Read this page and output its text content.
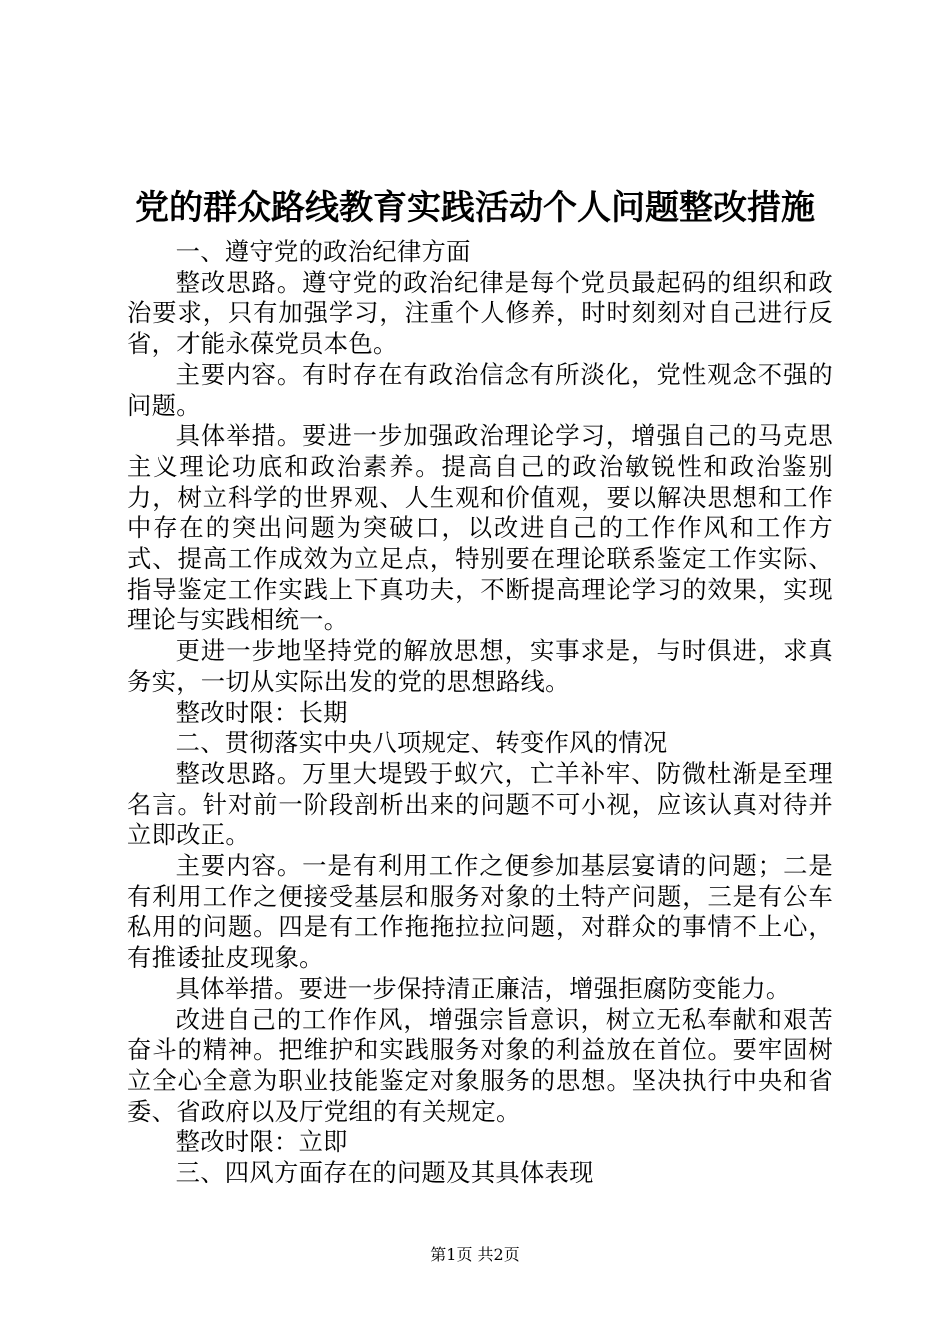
党的群众路线教育实践活动个人问题整改措施

一、遵守党的政治纪律方面

整改思路。遵守党的政治纪律是每个党员最起码的组织和政治要求，只有加强学习，注重个人修养，时时刻刻对自己进行反省，才能永葆党员本色。

主要内容。有时存在有政治信念有所淡化，党性观念不强的问题。

具体举措。要进一步加强政治理论学习，增强自己的马克思主义理论功底和政治素养。提高自己的政治敏锐性和政治鉴别力，树立科学的世界观、人生观和价值观，要以解决思想和工作中存在的突出问题为突破口，以改进自己的工作作风和工作方式、提高工作成效为立足点，特别要在理论联系鉴定工作实际、指导鉴定工作实践上下真功夫，不断提高理论学习的效果，实现理论与实践相统一。

更进一步地坚持党的解放思想，实事求是，与时俱进，求真务实，一切从实际出发的党的思想路线。

整改时限：长期

二、贯彻落实中央八项规定、转变作风的情况

整改思路。万里大堤毁于蚁穴，亡羊补牢、防微杜渐是至理名言。针对前一阶段剖析出来的问题不可小视，应该认真对待并立即改正。

主要内容。一是有利用工作之便参加基层宴请的问题；二是有利用工作之便接受基层和服务对象的土特产问题，三是有公车私用的问题。四是有工作拖拖拉拉问题，对群众的事情不上心，有推诿扯皮现象。

具体举措。要进一步保持清正廉洁，增强拒腐防变能力。

改进自己的工作作风，增强宗旨意识，树立无私奉献和艰苦奋斗的精神。把维护和实践服务对象的利益放在首位。要牢固树立全心全意为职业技能鉴定对象服务的思想。坚决执行中央和省委、省政府以及厅党组的有关规定。

整改时限：立即

三、四风方面存在的问题及其具体表现

第1页 共2页
